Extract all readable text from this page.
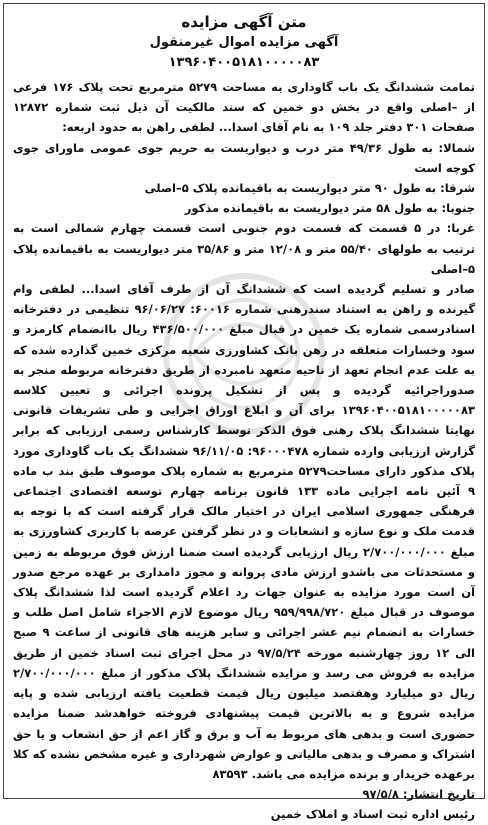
متن آگهی مزایده
آگهی مزایده اموال غیرمنقول
۱۳۹۶۰۴۰۰۵۱۸۱۰۰۰۰۰۸۳

تمامت ششدانگ یک باب گاوداری به مساحت ۵۲۷۹ مترمربع تحت پلاک ۱۷۶ فرعی از –اصلی واقع در بخش دو خمین که سند مالکیت آن ذیل ثبت شماره ۱۲۸۷۲ صفحات ۳۰۱ دفتر جلد ۱۰۹ به نام آقای اسدا... لطفی راهن به حدود اربعه:

شمالا: به طول ۴۹/۳۶ متر درب و دیواریست به حریم جوی عمومی ماورای جوی کوچه است

شرقا: به طول ۹۰ متر دیواریست به باقیمانده پلاک ۵–اصلی

جنوبا: به طول ۵۸ متر دیواریست به باقیمانده مذکور

غربا: در ۵ قسمت که قسمت دوم جنوبی است قسمت چهارم شمالی است به ترتیب به طولهای ۵۵/۴۰ متر و ۱۲/۰۸ متر و ۳۵/۸۶ متر دیواریست به باقیمانده پلاک ۵–اصلی

صادر و تسلیم گردیده است که ششدانگ آن از طرف آقای اسدا... لطفی وام گیرنده و راهن به استناد سندرهنی شماره ۶۰۰۱۶: ۹۶/۰۶/۲۷ تنظیمی در دفترخانه اسنادرسمی شماره یک خمین در قبال مبلغ ۴۳۶/۵۰۰/۰۰۰ ریال باانضمام کارمزد و سود وخسارات متعلقه در رهن بانک کشاورزی شعبه مرکزی خمین گذارده شده که به علت عدم انجام تعهد از ناحیه متعهد نامبرده از طریق دفترخانه مربوطه منجر به صدوراجرائیه گردیده و پس از تشکیل پرونده اجرائی و تعیین کلاسه ۱۳۹۶۰۴۰۰۵۱۸۱۰۰۰۰۰۸۳ برای آن و ابلاغ اوراق اجرایی و طی تشریفات قانونی نهایتا ششدانگ پلاک رهنی فوق الذکر توسط کارشناس رسمی ارزیابی که برابر گزارش ارزیابی وارده شماره ۹۶۰۰۰۴۷۸: ۹۶/۱۱/۰۵ ششدانگ یک باب گاوداری مورد پلاک مذکور دارای مساحت۵۲۷۹ مترمربع به شماره پلاک موصوف طبق بند ب ماده ۹ آئین نامه اجرایی ماده ۱۳۳ قانون برنامه چهارم توسعه اقتصادی اجتماعی فرهنگی جمهوری اسلامی ایران در اختیار مالک قرار گرفته است که با توجه به قدمت ملک و نوع سازه و انشعابات و در نظر گرفتن عرصه با کاربری کشاورزی به مبلغ ۲/۷۰۰/۰۰۰/۰۰۰ ریال ارزیابی گردیده است ضمنا ارزش فوق مربوطه به زمین و مستحدثات می باشدو ارزش مادی پروانه و مجوز دامداری بر عهده مرجع صدور آن است مورد مزایده به عنوان جهات رد اعلام گردیده است لذا ششدانگ پلاک موصوف در قبال مبلغ ۹۵۹/۹۹۸/۷۲۰ ریال موضوع لازم الاجراء شامل اصل طلب و خسارات به انضمام نیم عشر اجرائی و سایر هزینه های قانونی از ساعت ۹ صبح الی ۱۲ روز چهارشنبه مورخه ۹۷/۵/۲۴ در محل اجرای ثبت اسناد خمین از طریق مزایده به فروش می رسد و مزایده ششدانگ پلاک مذکور از مبلغ ۲/۷۰۰/۰۰۰/۰۰۰ ریال دو میلیارد وهفتصد میلیون ریال قیمت قطعیت یافته ارزیابی شده و پایه مزایده شروع و به بالاترین قیمت پیشنهادی فروخته خواهدشد ضمنا مزایده حضوری است و بدهی های مربوط به آب و برق و گاز اعم از حق انشعاب و یا حق اشتراک و مصرف و بدهی مالیاتی و عوارض شهرداری و غیره مشخص نشده که کلا برعهده خریدار و برنده مزایده می باشد. ۸۳۵۹۳

تاریخ انتشار: ۹۷/۵/۸
رئیس اداره ثبت اسناد و املاک خمین
